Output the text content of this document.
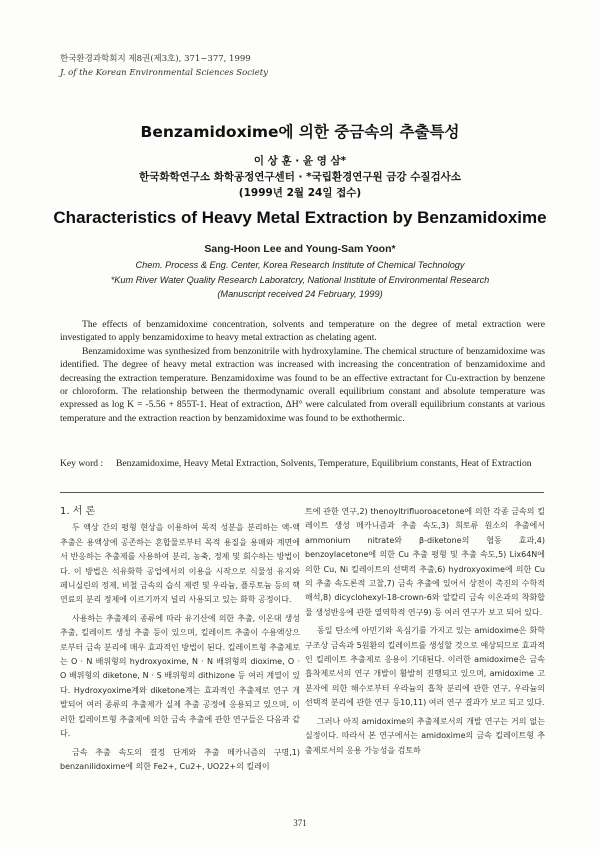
한국환경과학회지 제8권(제3호), 371~377, 1999
J. of the Korean Environmental Sciences Society
Benzamidoxime에 의한 중금속의 추출특성
이 상 훈 · 윤 영 삼*
한국화학연구소 화학공정연구센터 · *국립환경연구원 금강 수질검사소
(1999년 2월 24일 접수)
Characteristics of Heavy Metal Extraction by Benzamidoxime
Sang-Hoon Lee and Young-Sam Yoon*
Chem. Process & Eng. Center, Korea Research Institute of Chemical Technology
*Kum River Water Quality Research Laboratcry, National Institute of Environmental Research
(Manuscript received 24 February, 1999)

The effects of benzamidoxime concentration, solvents and temperature on the degree of metal extraction were investigated to apply benzamidoxime to heavy metal extraction as chelating agent.

Benzamidoxime was synthesized from benzonitrile with hydroxylamine. The chemical structure of benzamidoxime was identified. The degree of heavy metal extraction was increased with increasing the concentration of benzamidoxime and decreasing the extraction temperature. Benzamidoxime was found to be an effective extractant for Cu-extraction by benzene or chloroform. The relationship between the thermodynamic overall equilibrium constant and absolute temperature was expressed as log K = -5.56 + 855T-1. Heat of extraction, ΔH° were calculated from overall equilibrium constants at various temperature and the extraction reaction by benzamidoxime was found to be exthothermic.

Key word :	Benzamidoxime, Heavy Metal Extraction, Solvents, Temperature, Equilibrium constants, Heat of Extraction
1. 서 론

두 액상 간의 평형 현상을 이용하여 목적 성분을 분리하는 액-액 추출은 용액상에 공존하는 혼합물로부터 목적 용질을 용매와 계면에서 반응하는 추출제를 사용하여 분리, 농축, 정제 및 회수하는 방법이다. 이 방법은 석유화학 공업에서의 이용을 시작으로 식물성 유지와 페니실린의 정제, 비철 금속의 습식 제련 및 우라늄, 플루토늄 등의 핵연료의 분리 정제에 이르기까지 널리 사용되고 있는 화학 공정이다.

사용하는 추출제의 종류에 따라 유기산에 의한 추출, 이온대 생성 추출, 킬레이트 생성 추출 등이 있으며, 킬레이트 추출이 수용액상으로부터 금속 분리에 매우 효과적인 방법이 된다. 킬레이트형 추출제로는 O · N 배위형의 hydroxyoxime, N · N 배위형의 dioxime, O · O 배위형의 diketone, N · S 배위형의 dithizone 등 여러 계열이 있다. Hydroxyoxime계와 diketone계는 효과적인 추출제로 연구 개발되어 여러 종류의 추출제가 실제 추출 공정에 응용되고 있으며, 이러한 킬레이트형 추출제에 의한 금속 추출에 관한 연구들은 다음과 같다.

금속 추출 속도의 결정 단계와 추출 메카니즘의 구명,1) benzanilidoxime에 의한 Fe2+, Cu2+, UO22+의 킬레이

트에 관한 연구,2) thenoyltrifluoroacetone에 의한 각종 금속의 킬레이트 생성 메카니즘과 추출 속도,3) 희토류 원소의 추출에서 ammonium nitrate와 β-diketone의 협동 효과,4) benzoylacetone에 의한 Cu 추출 평형 및 추출 속도,5) Lix64N에 의한 Cu, Ni 킬레이트의 선택적 추출,6) hydroxyoxime에 의한 Cu의 추출 속도론적 고찰,7) 금속 추출에 있어서 상전이 촉진의 수학적 해석,8) dicyclohexyl-18-crown-6와 알칼리 금속 이온과의 착화합물 생성반응에 관한 열역학적 연구9) 등 여러 연구가 보고 되어 있다.

동일 탄소에 아민기와 옥심기를 가지고 있는 amidoxime은 화학 구조상 금속과 5원환의 킬레이트를 생성할 것으로 예상되므로 효과적인 킬레이트 추출제로 응용이 기대된다. 이러한 amidoxime은 금속 흡착제로서의 연구 개발이 활발히 진행되고 있으며, amidoxime 고분자에 의한 해수로부터 우라늄의 흡착 분리에 관한 연구, 우라늄의 선택적 분리에 관한 연구 등10,11) 여러 연구 결과가 보고 되고 있다.

그러나 아직 amidoxime의 추출제로서의 개발 연구는 거의 없는 실정이다. 따라서 본 연구에서는 amidoxime의 금속 킬레이트형 추출제로서의 응용 가능성을 검토하

371
